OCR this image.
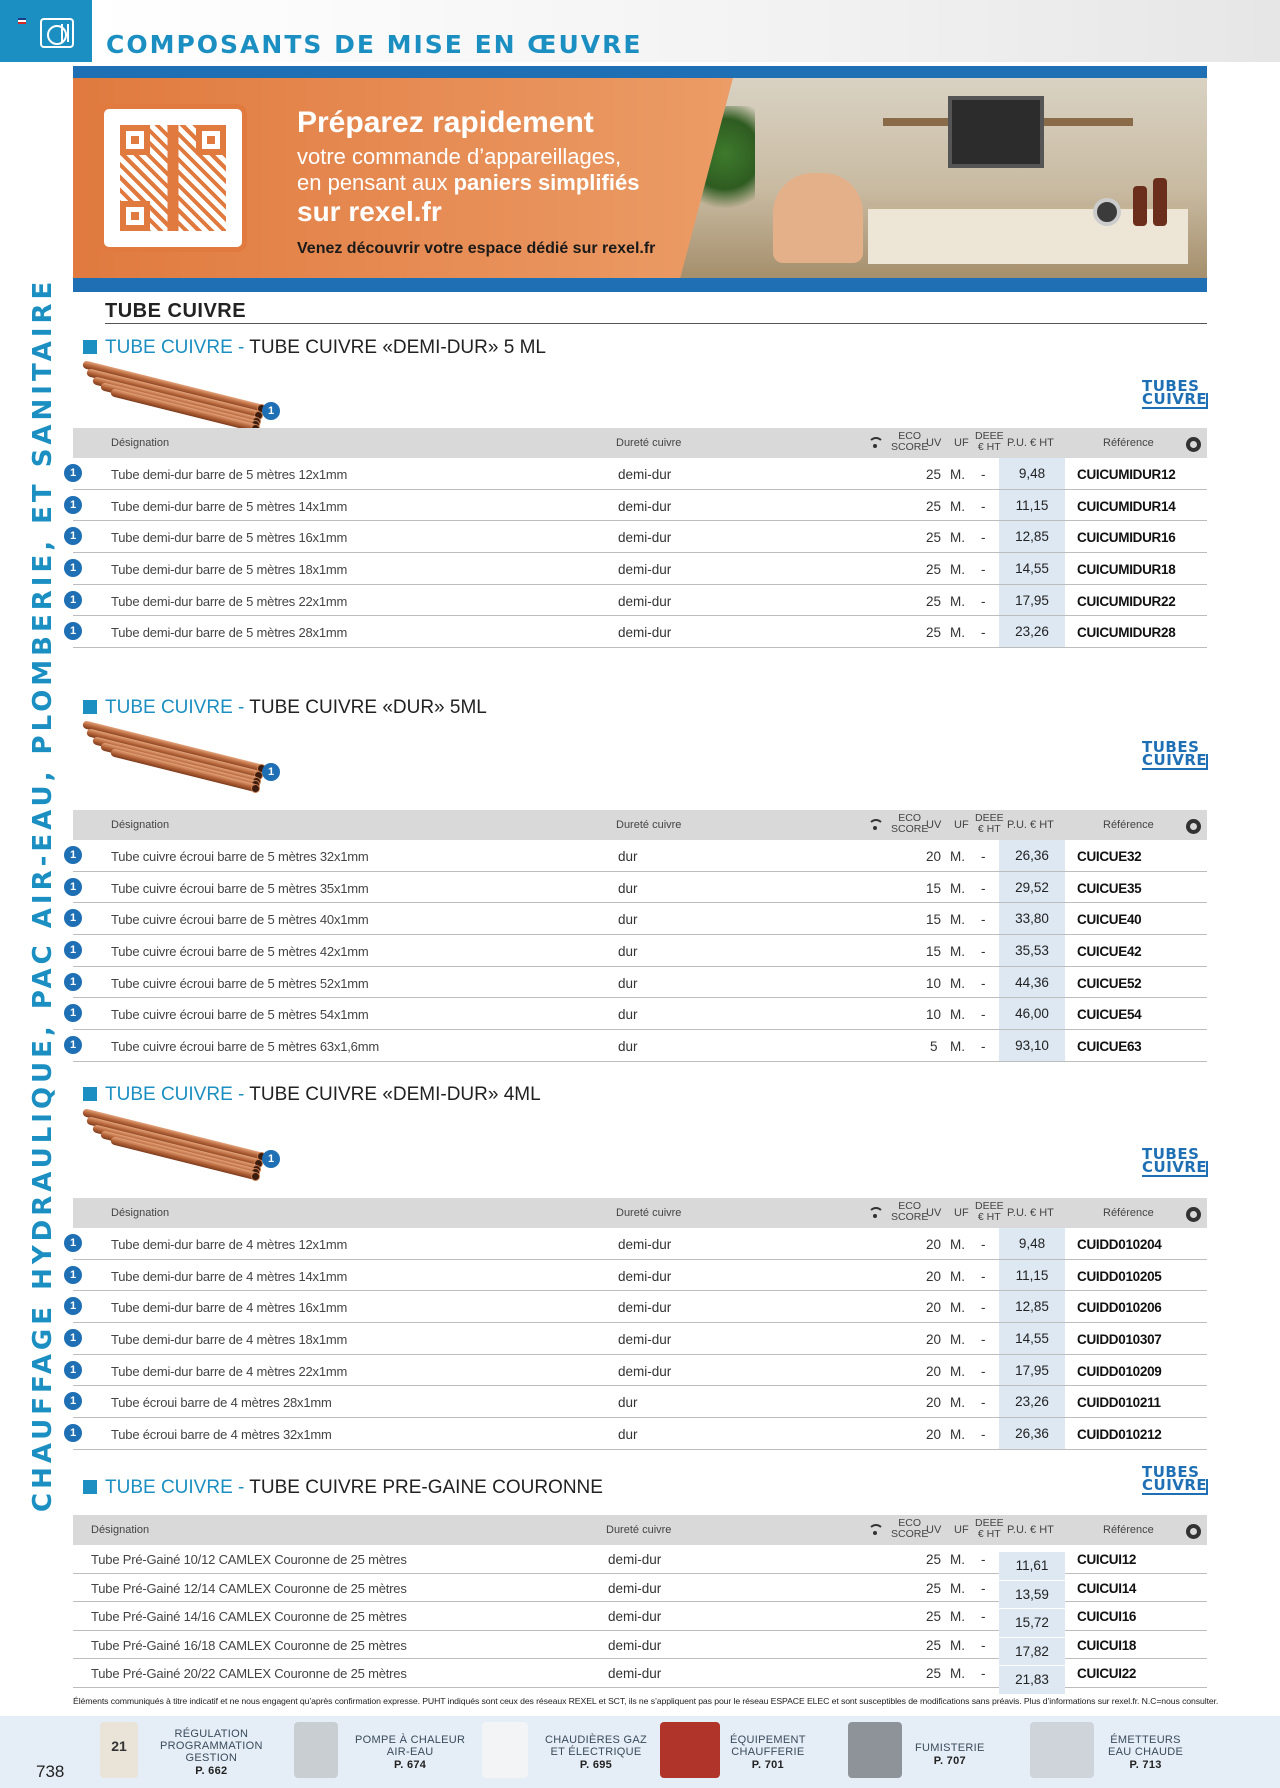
COMPOSANTS DE MISE EN ŒUVRE
CHAUFFAGE HYDRAULIQUE, PAC AIR-EAU, PLOMBERIE, ET SANITAIRE
Préparez rapidement
votre commande d’appareillages,
en pensant aux paniers simplifiés
sur rexel.fr
Venez découvrir votre espace dédié sur rexel.fr
TUBE CUIVRE
TUBE CUIVRE - TUBE CUIVRE «DEMI-DUR» 5 ML
1
TUBES
CUIVRE
Désignation	Dureté cuivre
ECO
SCORE
UV UF
DEEE
€ HT P.U. € HT	Référence
1	Tube demi-dur barre de 5 mètres 12x1mm	demi-dur	25 M. -	9,48	CUICUMIDUR12
1	Tube demi-dur barre de 5 mètres 14x1mm	demi-dur	25 M. -	11,15	CUICUMIDUR14
1	Tube demi-dur barre de 5 mètres 16x1mm	demi-dur	25 M. -	12,85	CUICUMIDUR16
1	Tube demi-dur barre de 5 mètres 18x1mm	demi-dur	25 M. -	14,55	CUICUMIDUR18
1	Tube demi-dur barre de 5 mètres 22x1mm	demi-dur	25 M. -	17,95	CUICUMIDUR22
1	Tube demi-dur barre de 5 mètres 28x1mm	demi-dur	25 M. -	23,26	CUICUMIDUR28
TUBE CUIVRE - TUBE CUIVRE «DUR» 5ML
1
TUBES
CUIVRE
Désignation	Dureté cuivre
ECO
SCORE
UV UF
DEEE
€ HT P.U. € HT	Référence
1	Tube cuivre écroui barre de 5 mètres 32x1mm	dur	20 M. -	26,36	CUICUE32
1	Tube cuivre écroui barre de 5 mètres 35x1mm	dur	15 M. -	29,52	CUICUE35
1	Tube cuivre écroui barre de 5 mètres 40x1mm	dur	15 M. -	33,80	CUICUE40
1	Tube cuivre écroui barre de 5 mètres 42x1mm	dur	15 M. -	35,53	CUICUE42
1	Tube cuivre écroui barre de 5 mètres 52x1mm	dur	10 M. -	44,36	CUICUE52
1	Tube cuivre écroui barre de 5 mètres 54x1mm	dur	10 M. -	46,00	CUICUE54
1	Tube cuivre écroui barre de 5 mètres 63x1,6mm	dur	5 M. -	93,10	CUICUE63
TUBE CUIVRE - TUBE CUIVRE «DEMI-DUR» 4ML
1	TUBES
CUIVRE
Désignation	Dureté cuivre
ECO
SCORE
UV UF
DEEE
€ HT P.U. € HT	Référence
1	Tube demi-dur barre de 4 mètres 12x1mm	demi-dur	20 M. -	9,48	CUIDD010204
1	Tube demi-dur barre de 4 mètres 14x1mm	demi-dur	20 M. -	11,15	CUIDD010205
1	Tube demi-dur barre de 4 mètres 16x1mm	demi-dur	20 M. -	12,85	CUIDD010206
1	Tube demi-dur barre de 4 mètres 18x1mm	demi-dur	20 M. -	14,55	CUIDD010307
1	Tube demi-dur barre de 4 mètres 22x1mm	demi-dur	20 M. -	17,95	CUIDD010209
1	Tube écroui barre de 4 mètres 28x1mm	dur	20 M. -	23,26	CUIDD010211
1	Tube écroui barre de 4 mètres 32x1mm	dur	20 M. -	26,36	CUIDD010212
TUBE CUIVRE - TUBE CUIVRE PRE-GAINE COURONNE
TUBES
CUIVRE
Désignation	Dureté cuivre
ECO
SCORE
UV UF
DEEE
€ HT P.U. € HT	Référence
Tube Pré-Gainé 10/12 CAMLEX Couronne de 25 mètres	demi-dur	25 M. -	11,61	CUICUI12
Tube Pré-Gainé 12/14 CAMLEX Couronne de 25 mètres	demi-dur	25 M. -	13,59	CUICUI14
Tube Pré-Gainé 14/16 CAMLEX Couronne de 25 mètres	demi-dur	25 M. -	15,72	CUICUI16
Tube Pré-Gainé 16/18 CAMLEX Couronne de 25 mètres	demi-dur	25 M. -	17,82	CUICUI18
Tube Pré-Gainé 20/22 CAMLEX Couronne de 25 mètres	demi-dur	25 M. -	21,83	CUICUI22
Éléments communiqués à titre indicatif et ne nous engagent qu’après confirmation expresse. PUHT indiqués sont ceux des réseaux REXEL et SCT, ils ne s’appliquent pas pour le réseau ESPACE ELEC et sont susceptibles de modifications sans préavis. Plus d’informations sur rexel.fr. N.C=nous consulter.
738
21
RÉGULATION
PROGRAMMATION
GESTION
P. 662
POMPE À CHALEUR
AIR-EAU
P. 674
CHAUDIÈRES GAZ
ET ÉLECTRIQUE
P. 695
ÉQUIPEMENT
CHAUFFERIE
P. 701
FUMISTERIE
P. 707
ÉMETTEURS
EAU CHAUDE
P. 713
